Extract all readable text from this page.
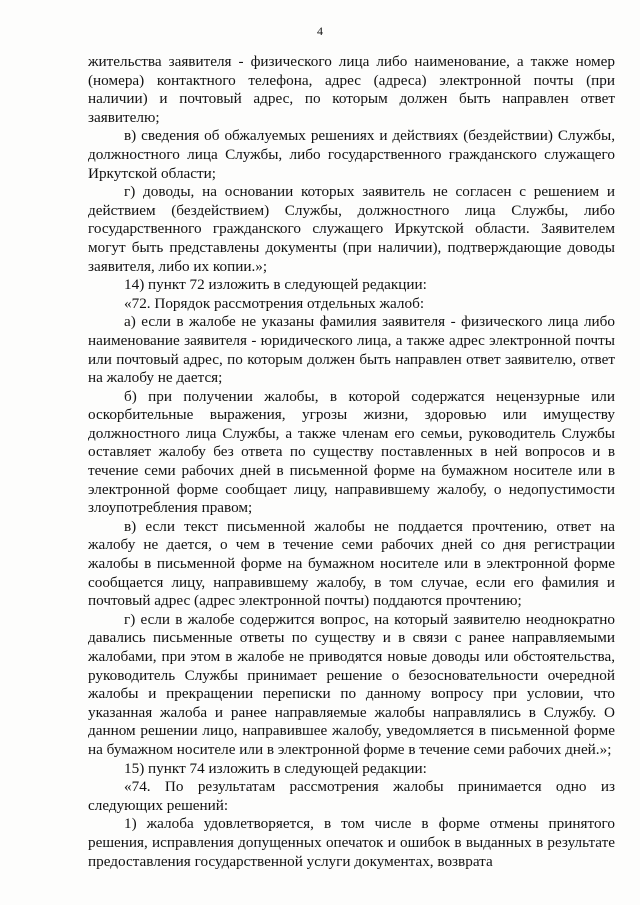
4

жительства заявителя - физического лица либо наименование, а также номер (номера) контактного телефона, адрес (адреса) электронной почты (при наличии) и почтовый адрес, по которым должен быть направлен ответ заявителю;

в) сведения об обжалуемых решениях и действиях (бездействии) Службы, должностного лица Службы, либо государственного гражданского служащего Иркутской области;

г) доводы, на основании которых заявитель не согласен с решением и действием (бездействием) Службы, должностного лица Службы, либо государственного гражданского служащего Иркутской области. Заявителем могут быть представлены документы (при наличии), подтверждающие доводы заявителя, либо их копии.»;

14) пункт 72 изложить в следующей редакции:

«72. Порядок рассмотрения отдельных жалоб:

а) если в жалобе не указаны фамилия заявителя - физического лица либо наименование заявителя - юридического лица, а также адрес электронной почты или почтовый адрес, по которым должен быть направлен ответ заявителю, ответ на жалобу не дается;

б) при получении жалобы, в которой содержатся нецензурные или оскорбительные выражения, угрозы жизни, здоровью или имуществу должностного лица Службы, а также членам его семьи, руководитель Службы оставляет жалобу без ответа по существу поставленных в ней вопросов и в течение семи рабочих дней в письменной форме на бумажном носителе или в электронной форме сообщает лицу, направившему жалобу, о недопустимости злоупотребления правом;

в) если текст письменной жалобы не поддается прочтению, ответ на жалобу не дается, о чем в течение семи рабочих дней со дня регистрации жалобы в письменной форме на бумажном носителе или в электронной форме сообщается лицу, направившему жалобу, в том случае, если его фамилия и почтовый адрес (адрес электронной почты) поддаются прочтению;

г) если в жалобе содержится вопрос, на который заявителю неоднократно давались письменные ответы по существу и в связи с ранее направляемыми жалобами, при этом в жалобе не приводятся новые доводы или обстоятельства, руководитель Службы принимает решение о безосновательности очередной жалобы и прекращении переписки по данному вопросу при условии, что указанная жалоба и ранее направляемые жалобы направлялись в Службу. О данном решении лицо, направившее жалобу, уведомляется в письменной форме на бумажном носителе или в электронной форме в течение семи рабочих дней.»;

15) пункт 74 изложить в следующей редакции:

«74. По результатам рассмотрения жалобы принимается одно из следующих решений:

1) жалоба удовлетворяется, в том числе в форме отмены принятого решения, исправления допущенных опечаток и ошибок в выданных в результате предоставления государственной услуги документах, возврата
